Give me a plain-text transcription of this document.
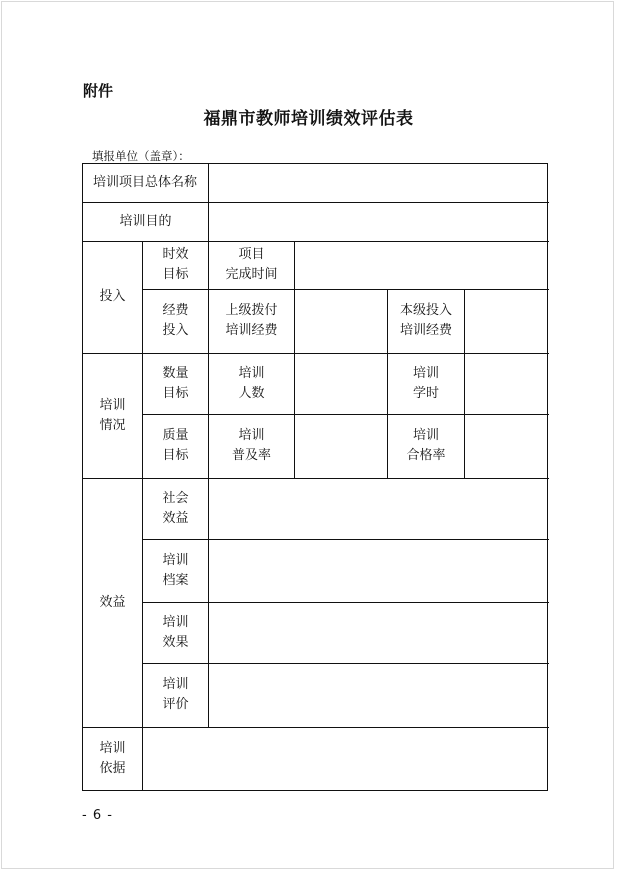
附件
福鼎市教师培训绩效评估表
填报单位（盖章）：
培训项目总体名称
培训目的
投入
时效
目标
项目
完成时间
经费
投入
上级拨付
培训经费
本级投入
培训经费
培训
情况
数量
目标
培训
人数
培训
学时
质量
目标
培训
普及率
培训
合格率
效益
社会
效益
培训
档案
培训
效果
培训
评价
培训
依据
- 6 -
